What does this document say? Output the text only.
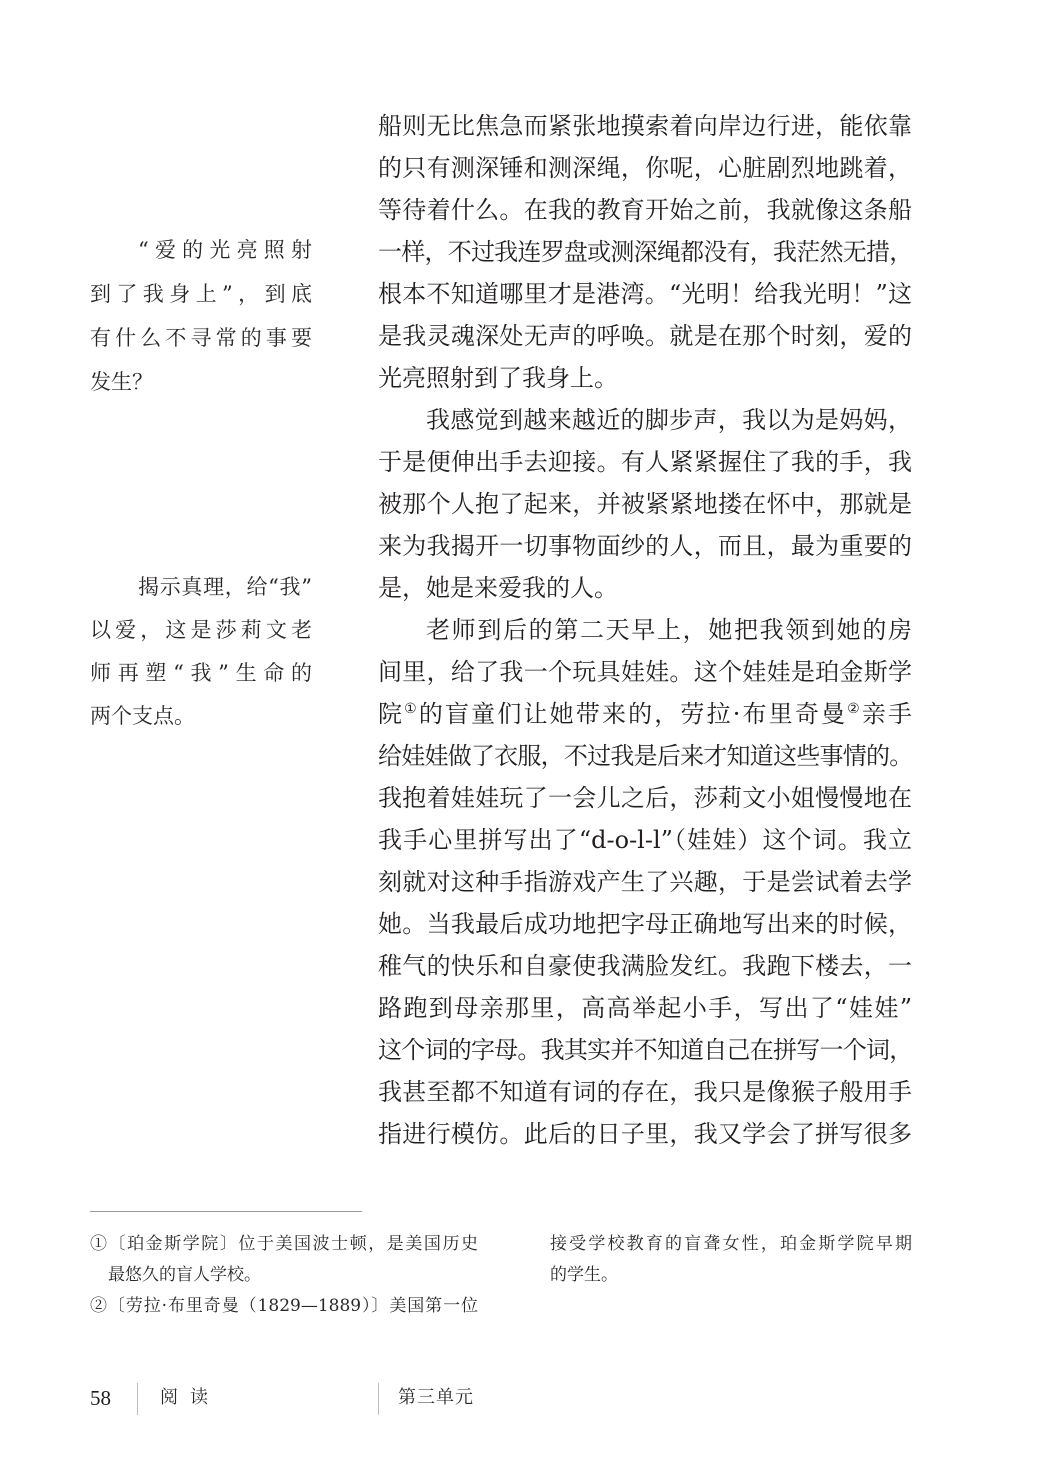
船则无比焦急而紧张地摸索着向岸边行进，能依靠
的只有测深锤和测深绳，你呢，心脏剧烈地跳着，
等待着什么。在我的教育开始之前，我就像这条船
一样，不过我连罗盘或测深绳都没有，我茫然无措，
根本不知道哪里才是港湾。“光明！给我光明！”这
是我灵魂深处无声的呼唤。就是在那个时刻，爱的
光亮照射到了我身上。
我感觉到越来越近的脚步声，我以为是妈妈，
于是便伸出手去迎接。有人紧紧握住了我的手，我
被那个人抱了起来，并被紧紧地搂在怀中，那就是
来为我揭开一切事物面纱的人，而且，最为重要的
是，她是来爱我的人。
老师到后的第二天早上，她把我领到她的房
间里，给了我一个玩具娃娃。这个娃娃是珀金斯学
院①的盲童们让她带来的，劳拉·布里奇曼②亲手
给娃娃做了衣服，不过我是后来才知道这些事情的。
我抱着娃娃玩了一会儿之后，莎莉文小姐慢慢地在
我手心里拼写出了“d-o-l-l”（娃娃）这个词。我立
刻就对这种手指游戏产生了兴趣，于是尝试着去学
她。当我最后成功地把字母正确地写出来的时候，
稚气的快乐和自豪使我满脸发红。我跑下楼去，一
路跑到母亲那里，高高举起小手，写出了“娃娃”
这个词的字母。我其实并不知道自己在拼写一个词，
我甚至都不知道有词的存在，我只是像猴子般用手
指进行模仿。此后的日子里，我又学会了拼写很多
“爱的光亮照射
到了我身上”，到底
有什么不寻常的事要
发生？
揭示真理，给“我”
以爱，这是莎莉文老
师再塑“我”生命的
两个支点。
①〔珀金斯学院〕位于美国波士顿，是美国历史
最悠久的盲人学校。
②〔劳拉·布里奇曼（1829—1889）〕美国第一位
接受学校教育的盲聋女性，珀金斯学院早期
的学生。
58	阅读	第三单元
